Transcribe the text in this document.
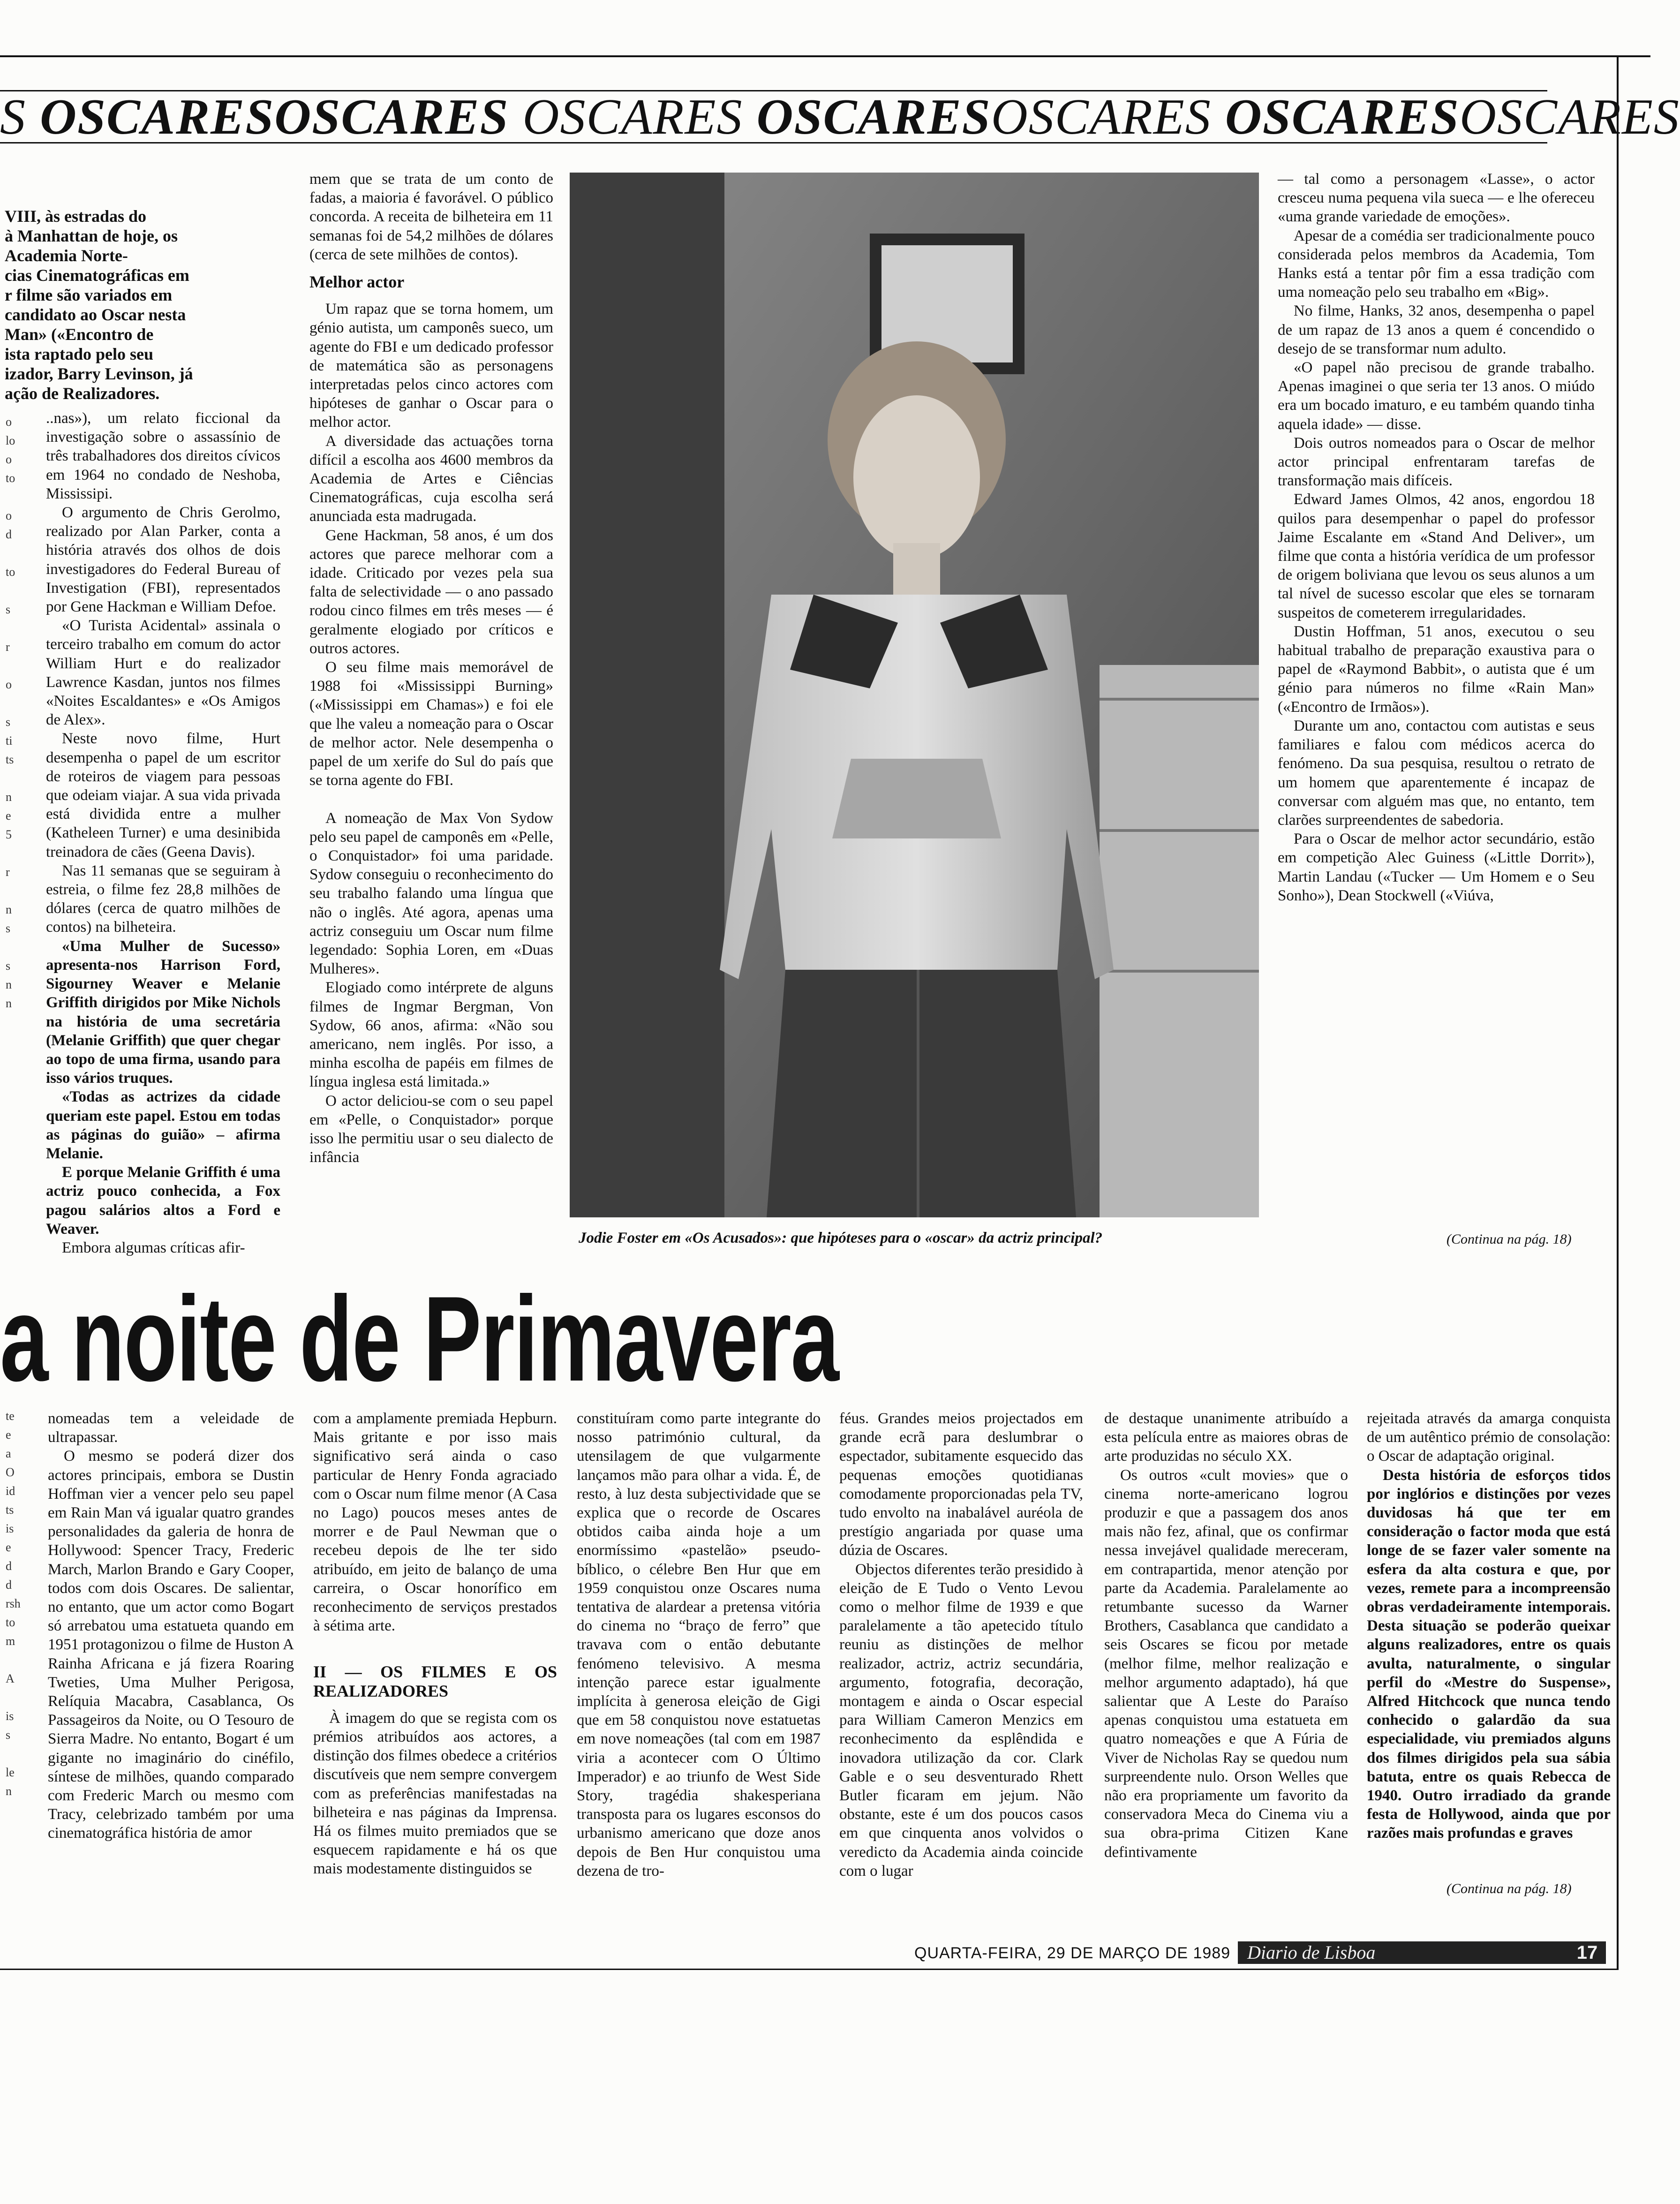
S OSCARESOSCARES OSCARES OSCARESOSCARES OSCARESOSCARES
VIII, às estradas do
à Manhattan de hoje, os
Academia Norte-
cias Cinematográficas em
r filme são variados em
candidato ao Oscar nesta
Man» («Encontro de
ista raptado pelo seu
izador, Barry Levinson, já
ação de Realizadores.
o
lo
o
to

o
d

to

s

r

o

s
ti
ts

n
e
5

r

n
s

s
n
n
te
e
a
O
id
ts
is
e
d
d
rsh
to
m

A

is
s

le
n

..nas»), um relato ficcional da investigação sobre o assassínio de três trabalhadores dos direitos cívicos em 1964 no condado de Neshoba, Mississipi.

O argumento de Chris Gerolmo, realizado por Alan Parker, conta a história através dos olhos de dois investigadores do Federal Bureau of Investigation (FBI), representados por Gene Hackman e William Defoe.

«O Turista Acidental» assinala o terceiro trabalho em comum do actor William Hurt e do realizador Lawrence Kasdan, juntos nos filmes «Noites Escaldantes» e «Os Amigos de Alex».

Neste novo filme, Hurt desempenha o papel de um escritor de roteiros de viagem para pessoas que odeiam viajar. A sua vida privada está dividida entre a mulher (Katheleen Turner) e uma desinibida treinadora de cães (Geena Davis).

Nas 11 semanas que se seguiram à estreia, o filme fez 28,8 milhões de dólares (cerca de quatro milhões de contos) na bilheteira.

«Uma Mulher de Sucesso» apresenta-nos Harrison Ford, Sigourney Weaver e Melanie Griffith dirigidos por Mike Nichols na história de uma secretária (Melanie Griffith) que quer chegar ao topo de uma firma, usando para isso vários truques.

«Todas as actrizes da cidade queriam este papel. Estou em todas as páginas do guião» – afirma Melanie.

E porque Melanie Griffith é uma actriz pouco conhecida, a Fox pagou salários altos a Ford e Weaver.

Embora algumas críticas afir-

mem que se trata de um conto de fadas, a maioria é favorável. O público concorda. A receita de bilheteira em 11 semanas foi de 54,2 milhões de dólares (cerca de sete milhões de contos).

Melhor actor

Um rapaz que se torna homem, um génio autista, um camponês sueco, um agente do FBI e um dedicado professor de matemática são as personagens interpretadas pelos cinco actores com hipóteses de ganhar o Oscar para o melhor actor.

A diversidade das actuações torna difícil a escolha aos 4600 membros da Academia de Artes e Ciências Cinematográficas, cuja escolha será anunciada esta madrugada.

Gene Hackman, 58 anos, é um dos actores que parece melhorar com a idade. Criticado por vezes pela sua falta de selectividade — o ano passado rodou cinco filmes em três meses — é geralmente elogiado por críticos e outros actores.

O seu filme mais memorável de 1988 foi «Mississippi Burning» («Mississippi em Chamas») e foi ele que lhe valeu a nomeação para o Oscar de melhor actor. Nele desempenha o papel de um xerife do Sul do país que se torna agente do FBI.

A nomeação de Max Von Sydow pelo seu papel de camponês em «Pelle, o Conquistador» foi uma paridade. Sydow conseguiu o reconhecimento do seu trabalho falando uma língua que não o inglês. Até agora, apenas uma actriz conseguiu um Oscar num filme legendado: Sophia Loren, em «Duas Mulheres».

Elogiado como intérprete de alguns filmes de Ingmar Bergman, Von Sydow, 66 anos, afirma: «Não sou americano, nem inglês. Por isso, a minha escolha de papéis em filmes de língua inglesa está limitada.»

O actor deliciou-se com o seu papel em «Pelle, o Conquistador» porque isso lhe permitiu usar o seu dialecto de infância

— tal como a personagem «Lasse», o actor cresceu numa pequena vila sueca — e lhe ofereceu «uma grande variedade de emoções».

Apesar de a comédia ser tradicionalmente pouco considerada pelos membros da Academia, Tom Hanks está a tentar pôr fim a essa tradição com uma nomeação pelo seu trabalho em «Big».

No filme, Hanks, 32 anos, desempenha o papel de um rapaz de 13 anos a quem é concendido o desejo de se transformar num adulto.

«O papel não precisou de grande trabalho. Apenas imaginei o que seria ter 13 anos. O miúdo era um bocado imaturo, e eu também quando tinha aquela idade» — disse.

Dois outros nomeados para o Oscar de melhor actor principal enfrentaram tarefas de transformação mais difíceis.

Edward James Olmos, 42 anos, engordou 18 quilos para desempenhar o papel do professor Jaime Escalante em «Stand And Deliver», um filme que conta a história verídica de um professor de origem boliviana que levou os seus alunos a um tal nível de sucesso escolar que eles se tornaram suspeitos de cometerem irregularidades.

Dustin Hoffman, 51 anos, executou o seu habitual trabalho de preparação exaustiva para o papel de «Raymond Babbit», o autista que é um génio para números no filme «Rain Man» («Encontro de Irmãos»).

Durante um ano, contactou com autistas e seus familiares e falou com médicos acerca do fenómeno. Da sua pesquisa, resultou o retrato de um homem que aparentemente é incapaz de conversar com alguém mas que, no entanto, tem clarões surpreendentes de sabedoria.

Para o Oscar de melhor actor secundário, estão em competição Alec Guiness («Little Dorrit»), Martin Landau («Tucker — Um Homem e o Seu Sonho»), Dean Stockwell («Viúva,

Jodie Foster em «Os Acusados»: que hipóteses para o «oscar» da actriz principal?	(Continua na pág. 18)
a noite de Primavera

nomeadas tem a veleidade de ultrapassar.

O mesmo se poderá dizer dos actores principais, embora se Dustin Hoffman vier a vencer pelo seu papel em Rain Man vá igualar quatro grandes personalidades da galeria de honra de Hollywood: Spencer Tracy, Frederic March, Marlon Brando e Gary Cooper, todos com dois Oscares. De salientar, no entanto, que um actor como Bogart só arrebatou uma estatueta quando em 1951 protagonizou o filme de Huston A Rainha Africana e já fizera Roaring Tweties, Uma Mulher Perigosa, Relíquia Macabra, Casablanca, Os Passageiros da Noite, ou O Tesouro de Sierra Madre. No entanto, Bogart é um gigante no imaginário do cinéfilo, síntese de milhões, quando comparado com Frederic March ou mesmo com Tracy, celebrizado também por uma cinematográfica história de amor

com a amplamente premiada Hepburn. Mais gritante e por isso mais significativo será ainda o caso particular de Henry Fonda agraciado com o Oscar num filme menor (A Casa no Lago) poucos meses antes de morrer e de Paul Newman que o recebeu depois de lhe ter sido atribuído, em jeito de balanço de uma carreira, o Oscar honorífico em reconhecimento de serviços prestados à sétima arte.

II — OS FILMES E OS REALIZADORES

À imagem do que se regista com os prémios atribuídos aos actores, a distinção dos filmes obedece a critérios discutíveis que nem sempre convergem com as preferências manifestadas na bilheteira e nas páginas da Imprensa. Há os filmes muito premiados que se esquecem rapidamente e há os que mais modestamente distinguidos se

constituíram como parte integrante do nosso património cultural, da utensilagem de que vulgarmente lançamos mão para olhar a vida. É, de resto, à luz desta subjectividade que se explica que o recorde de Oscares obtidos caiba ainda hoje a um enormíssimo «pastelão» pseudo-bíblico, o célebre Ben Hur que em 1959 conquistou onze Oscares numa tentativa de alardear a pretensa vitória do cinema no “braço de ferro” que travava com o então debutante fenómeno televisivo. A mesma intenção parece estar igualmente implícita à generosa eleição de Gigi que em 58 conquistou nove estatuetas em nove nomeações (tal com em 1987 viria a acontecer com O Último Imperador) e ao triunfo de West Side Story, tragédia shakesperiana transposta para os lugares esconsos do urbanismo americano que doze anos depois de Ben Hur conquistou uma dezena de tro-

féus. Grandes meios projectados em grande ecrã para deslumbrar o espectador, subitamente esquecido das pequenas emoções quotidianas comodamente proporcionadas pela TV, tudo envolto na inabalável auréola de prestígio angariada por quase uma dúzia de Oscares.

Objectos diferentes terão presidido à eleição de E Tudo o Vento Levou como o melhor filme de 1939 e que paralelamente a tão apetecido título reuniu as distinções de melhor realizador, actriz, actriz secundária, argumento, fotografia, decoração, montagem e ainda o Oscar especial para William Cameron Menzics em reconhecimento da esplêndida e inovadora utilização da cor. Clark Gable e o seu desventurado Rhett Butler ficaram em jejum. Não obstante, este é um dos poucos casos em que cinquenta anos volvidos o veredicto da Academia ainda coincide com o lugar

de destaque unanimente atribuído a esta película entre as maiores obras de arte produzidas no século XX.

Os outros «cult movies» que o cinema norte-americano logrou produzir e que a passagem dos anos mais não fez, afinal, que os confirmar nessa invejável qualidade mereceram, em contrapartida, menor atenção por parte da Academia. Paralelamente ao retumbante sucesso da Warner Brothers, Casablanca que candidato a seis Oscares se ficou por metade (melhor filme, melhor realização e melhor argumento adaptado), há que salientar que A Leste do Paraíso apenas conquistou uma estatueta em quatro nomeações e que A Fúria de Viver de Nicholas Ray se quedou num surpreendente nulo. Orson Welles que não era propriamente um favorito da conservadora Meca do Cinema viu a sua obra-prima Citizen Kane defintivamente

rejeitada através da amarga conquista de um autêntico prémio de consolação: o Oscar de adaptação original.

Desta história de esforços tidos por inglórios e distinções por vezes duvidosas há que ter em consideração o factor moda que está longe de se fazer valer somente na esfera da alta costura e que, por vezes, remete para a incompreensão obras verdadeiramente intemporais. Desta situação se poderão queixar alguns realizadores, entre os quais avulta, naturalmente, o singular perfil do «Mestre do Suspense», Alfred Hitchcock que nunca tendo conhecido o galardão da sua especialidade, viu premiados alguns dos filmes dirigidos pela sua sábia batuta, entre os quais Rebecca de 1940. Outro irradiado da grande festa de Hollywood, ainda que por razões mais profundas e graves

(Continua na pág. 18)
QUARTA-FEIRA, 29 DE MARÇO DE 1989 Diario de Lisboa	17
